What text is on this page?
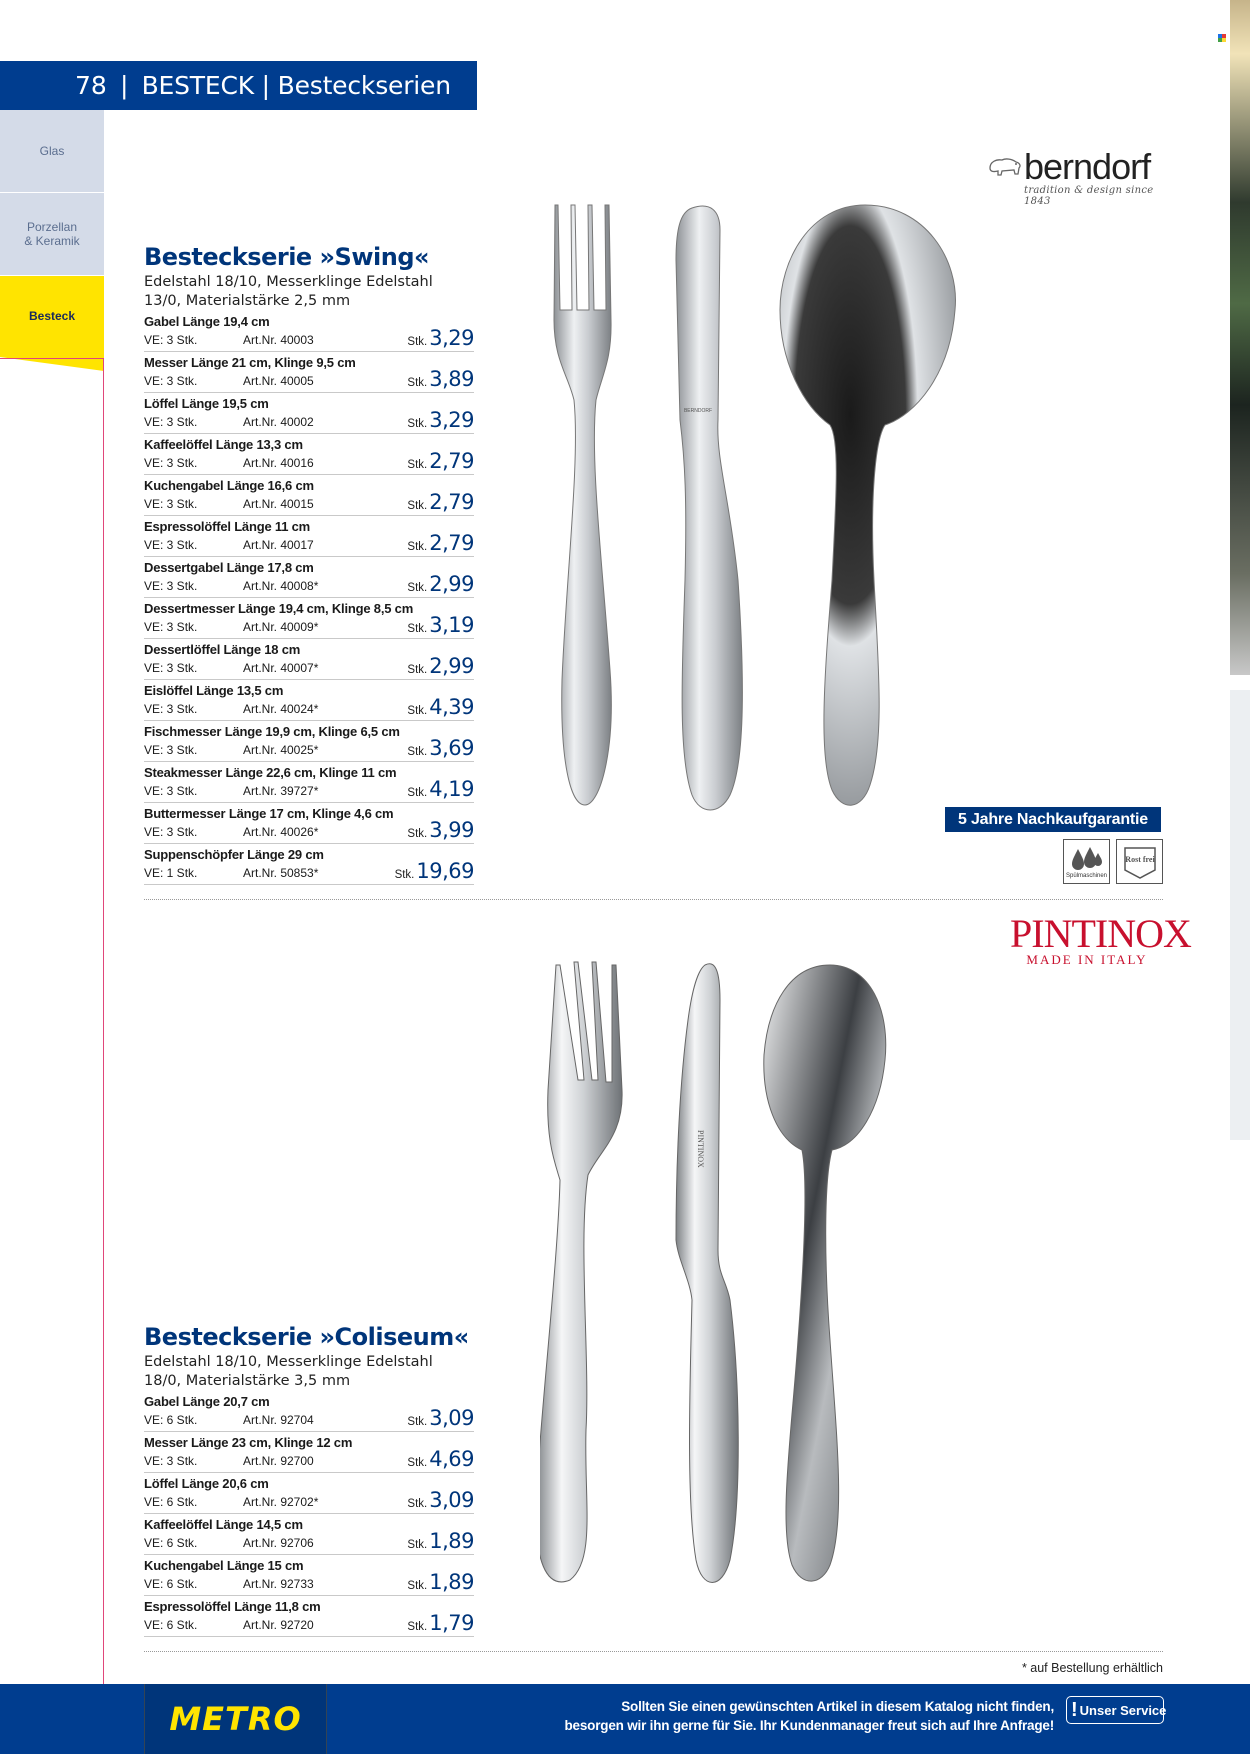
78 | BESTECK | Besteckserien
Glas
Porzellan & Keramik
Besteck
berndorf
tradition & design since 1843
Besteckserie »Swing«
Edelstahl 18/10, Messerklinge Edelstahl 13/0, Materialstärke 2,5 mm
Gabel Länge 19,4 cm
VE: 3 Stk.	Art.Nr. 40003	Stk.3,29
Messer Länge 21 cm, Klinge 9,5 cm
VE: 3 Stk.	Art.Nr. 40005	Stk.3,89
Löffel Länge 19,5 cm
VE: 3 Stk.	Art.Nr. 40002	Stk.3,29
Kaffeelöffel Länge 13,3 cm
VE: 3 Stk.	Art.Nr. 40016	Stk.2,79
Kuchengabel Länge 16,6 cm
VE: 3 Stk.	Art.Nr. 40015	Stk.2,79
Espressolöffel Länge 11 cm
VE: 3 Stk.	Art.Nr. 40017	Stk.2,79
Dessertgabel Länge 17,8 cm
VE: 3 Stk.	Art.Nr. 40008*	Stk.2,99
Dessertmesser Länge 19,4 cm, Klinge 8,5 cm
VE: 3 Stk.	Art.Nr. 40009*	Stk.3,19
Dessertlöffel Länge 18 cm
VE: 3 Stk.	Art.Nr. 40007*	Stk.2,99
Eislöffel Länge 13,5 cm
VE: 3 Stk.	Art.Nr. 40024*	Stk.4,39
Fischmesser Länge 19,9 cm, Klinge 6,5 cm
VE: 3 Stk.	Art.Nr. 40025*	Stk.3,69
Steakmesser Länge 22,6 cm, Klinge 11 cm
VE: 3 Stk.	Art.Nr. 39727*	Stk.4,19
Buttermesser Länge 17 cm, Klinge 4,6 cm
VE: 3 Stk.	Art.Nr. 40026*	Stk.3,99
Suppenschöpfer Länge 29 cm
VE: 1 Stk.	Art.Nr. 50853*	Stk.19,69
BERNDORF
5 Jahre Nachkaufgarantie
Spülmaschinen
Rost frei
PINTINOX
MADE IN ITALY
PINTINOX
Besteckserie »Coliseum«
Edelstahl 18/10, Messerklinge Edelstahl 18/0, Materialstärke 3,5 mm
Gabel Länge 20,7 cm
VE: 6 Stk.	Art.Nr. 92704	Stk.3,09
Messer Länge 23 cm, Klinge 12 cm
VE: 3 Stk.	Art.Nr. 92700	Stk.4,69
Löffel Länge 20,6 cm
VE: 6 Stk.	Art.Nr. 92702*	Stk.3,09
Kaffeelöffel Länge 14,5 cm
VE: 6 Stk.	Art.Nr. 92706	Stk.1,89
Kuchengabel Länge 15 cm
VE: 6 Stk.	Art.Nr. 92733	Stk.1,89
Espressolöffel Länge 11,8 cm
VE: 6 Stk.	Art.Nr. 92720	Stk.1,79
* auf Bestellung erhältlich
METRO	Sollten Sie einen gewünschten Artikel in diesem Katalog nicht finden,
besorgen wir ihn gerne für Sie. Ihr Kundenmanager freut sich auf Ihre Anfrage!
! Unser Service
